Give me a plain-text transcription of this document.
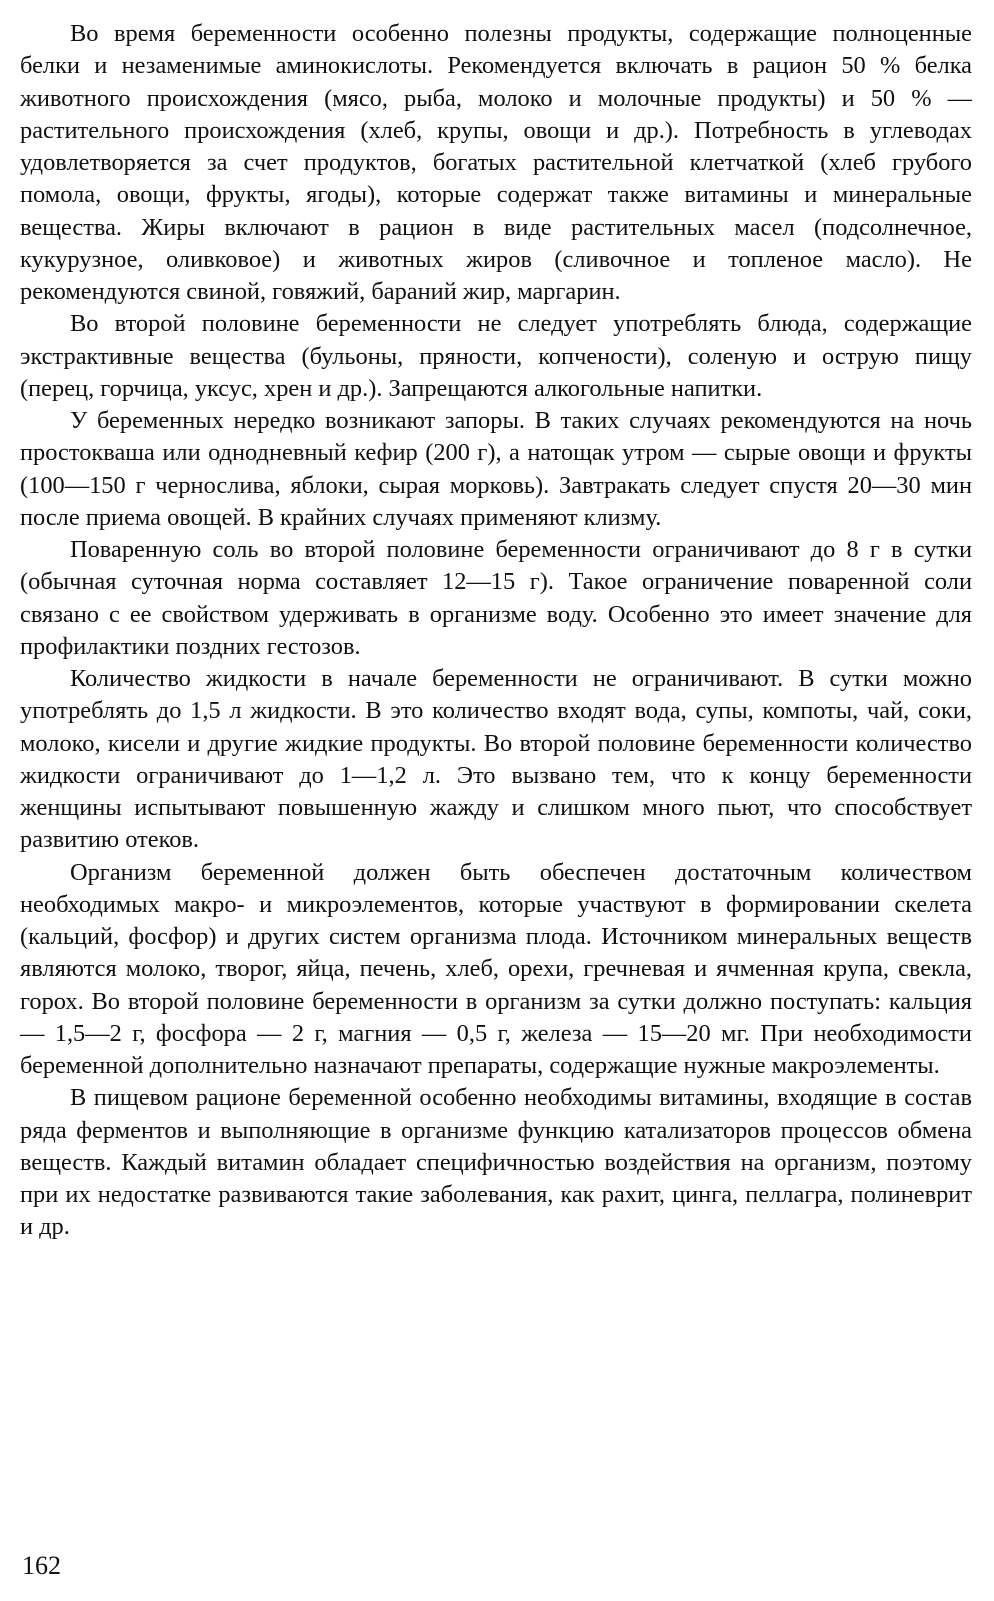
Во время беременности особенно полезны продукты, содержащие полноценные белки и незаменимые аминокислоты. Рекомендуется включать в рацион 50 % белка животного происхождения (мясо, рыба, молоко и молочные продукты) и 50 % — растительного происхождения (хлеб, крупы, овощи и др.). Потребность в углеводах удовлетворяется за счет продуктов, богатых растительной клетчаткой (хлеб грубого помола, овощи, фрукты, ягоды), которые содержат также витамины и минеральные вещества. Жиры включают в рацион в виде растительных масел (подсолнечное, кукурузное, оливковое) и животных жиров (сливочное и топленое масло). Не рекомендуются свиной, говяжий, бараний жир, маргарин.

Во второй половине беременности не следует употреблять блюда, содержащие экстрактивные вещества (бульоны, пряности, копчености), соленую и острую пищу (перец, горчица, уксус, хрен и др.). Запрещаются алкогольные напитки.

У беременных нередко возникают запоры. В таких случаях рекомендуются на ночь простокваша или однодневный кефир (200 г), а натощак утром — сырые овощи и фрукты (100—150 г чернослива, яблоки, сырая морковь). Завтракать следует спустя 20—30 мин после приема овощей. В крайних случаях применяют клизму.

Поваренную соль во второй половине беременности ограничивают до 8 г в сутки (обычная суточная норма составляет 12—15 г). Такое ограничение поваренной соли связано с ее свойством удерживать в организме воду. Особенно это имеет значение для профилактики поздних гестозов.

Количество жидкости в начале беременности не ограничивают. В сутки можно употреблять до 1,5 л жидкости. В это количество входят вода, супы, компоты, чай, соки, молоко, кисели и другие жидкие продукты. Во второй половине беременности количество жидкости ограничивают до 1—1,2 л. Это вызвано тем, что к концу беременности женщины испытывают повышенную жажду и слишком много пьют, что способствует развитию отеков.

Организм беременной должен быть обеспечен достаточным количеством необходимых макро- и микроэлементов, которые участвуют в формировании скелета (кальций, фосфор) и других систем организма плода. Источником минеральных веществ являются молоко, творог, яйца, печень, хлеб, орехи, гречневая и ячменная крупа, свекла, горох. Во второй половине беременности в организм за сутки должно поступать: кальция — 1,5—2 г, фосфора — 2 г, магния — 0,5 г, железа — 15—20 мг. При необходимости беременной дополнительно назначают препараты, содержащие нужные макроэлементы.

В пищевом рационе беременной особенно необходимы витамины, входящие в состав ряда ферментов и выполняющие в организме функцию катализаторов процессов обмена веществ. Каждый витамин обладает специфичностью воздействия на организм, поэтому при их недостатке развиваются такие заболевания, как рахит, цинга, пеллагра, полиневрит и др.

162
